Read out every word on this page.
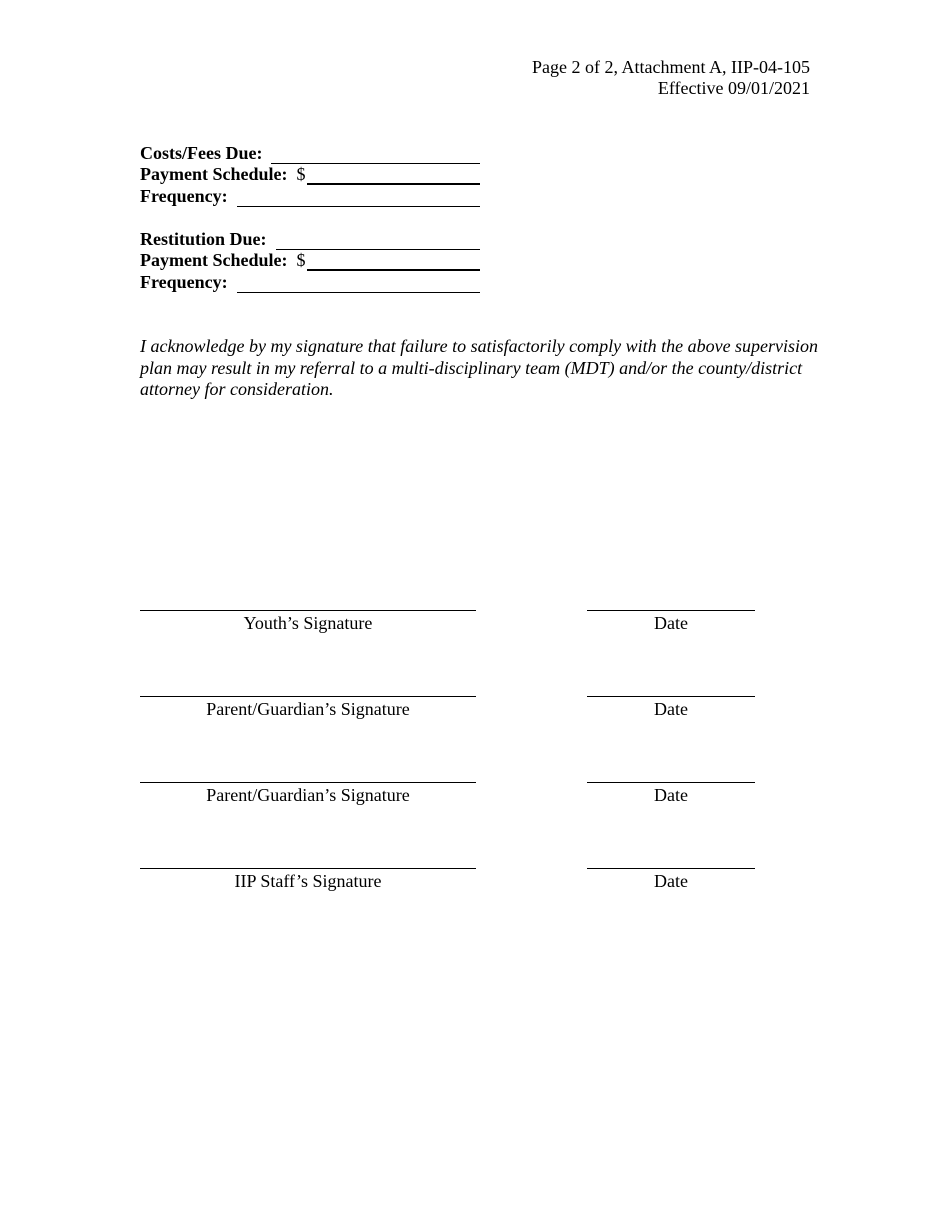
Page 2 of 2, Attachment A, IIP-04-105
Effective 09/01/2021
Costs/Fees Due:
Payment Schedule: $
Frequency:
Restitution Due:
Payment Schedule: $
Frequency:
I acknowledge by my signature that failure to satisfactorily comply with the above supervision plan may result in my referral to a multi-disciplinary team (MDT) and/or the county/district attorney for consideration.
Youth’s Signature	Date
Parent/Guardian’s Signature	Date
Parent/Guardian’s Signature	Date
IIP Staff’s Signature	Date
